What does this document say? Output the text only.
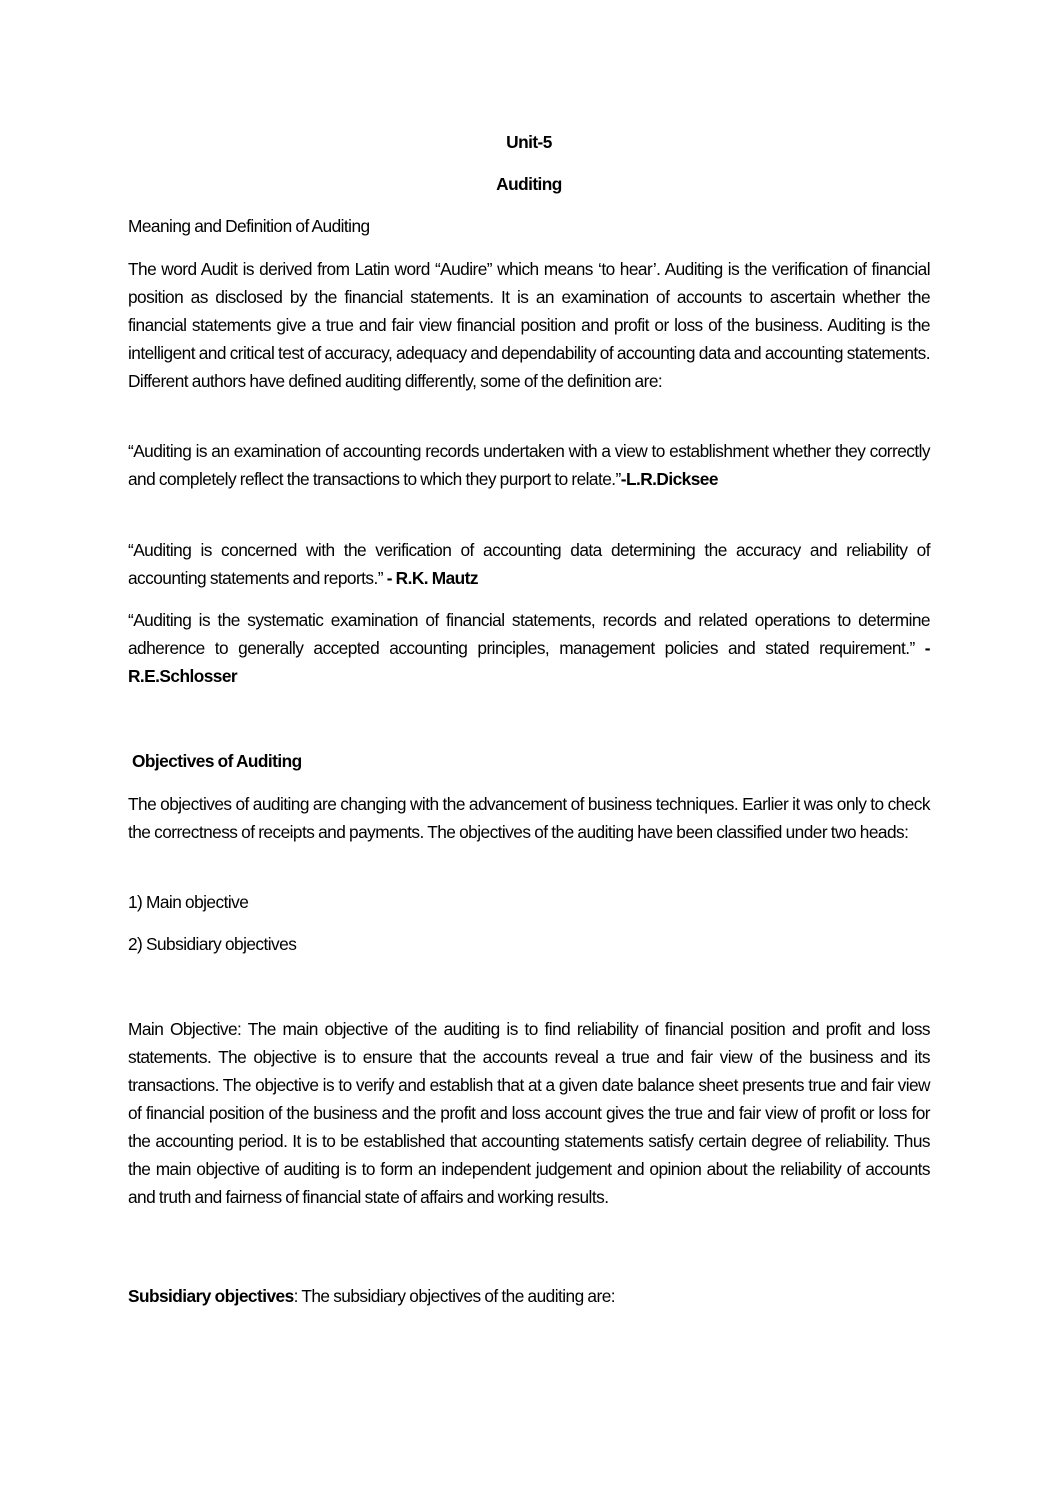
Unit-5
Auditing
Meaning and Definition of Auditing

The word Audit is derived from Latin word “Audire” which means ‘to hear’. Auditing is the verification of financial position as disclosed by the financial statements. It is an examination of accounts to ascertain whether the financial statements give a true and fair view financial position and profit or loss of the business. Auditing is the intelligent and critical test of accuracy, adequacy and dependability of accounting data and accounting statements. Different authors have defined auditing differently, some of the definition are:

“Auditing is an examination of accounting records undertaken with a view to establishment whether they correctly and completely reflect the transactions to which they purport to relate.”-L.R.Dicksee

“Auditing is concerned with the verification of accounting data determining the accuracy and reliability of accounting statements and reports.” - R.K. Mautz

“Auditing is the systematic examination of financial statements, records and related operations to determine adherence to generally accepted accounting principles, management policies and stated requirement.” -R.E.Schlosser

Objectives of Auditing

The objectives of auditing are changing with the advancement of business techniques. Earlier it was only to check the correctness of receipts and payments. The objectives of the auditing have been classified under two heads:

1) Main objective
2) Subsidiary objectives

Main Objective: The main objective of the auditing is to find reliability of financial position and profit and loss statements. The objective is to ensure that the accounts reveal a true and fair view of the business and its transactions. The objective is to verify and establish that at a given date balance sheet presents true and fair view of financial position of the business and the profit and loss account gives the true and fair view of profit or loss for the accounting period. It is to be established that accounting statements satisfy certain degree of reliability. Thus the main objective of auditing is to form an independent judgement and opinion about the reliability of accounts and truth and fairness of financial state of affairs and working results.

Subsidiary objectives: The subsidiary objectives of the auditing are:
